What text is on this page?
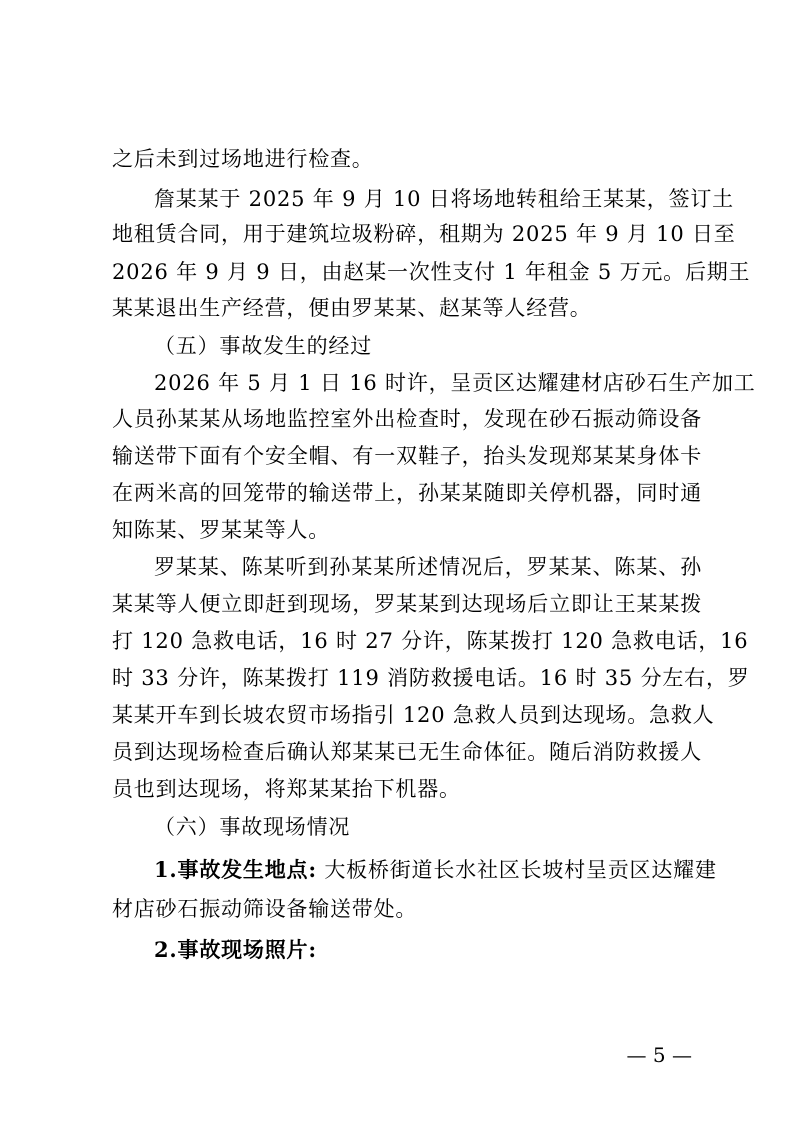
之后未到过场地进行检查。

詹某某于 2025 年 9 月 10 日将场地转租给王某某，签订土

地租赁合同，用于建筑垃圾粉碎，租期为 2025 年 9 月 10 日至

2026 年 9 月 9 日，由赵某一次性支付 1 年租金 5 万元。后期王

某某退出生产经营，便由罗某某、赵某等人经营。

（五）事故发生的经过

2026 年 5 月 1 日 16 时许，呈贡区达耀建材店砂石生产加工

人员孙某某从场地监控室外出检查时，发现在砂石振动筛设备

输送带下面有个安全帽、有一双鞋子，抬头发现郑某某身体卡

在两米高的回笼带的输送带上，孙某某随即关停机器，同时通

知陈某、罗某某等人。

罗某某、陈某听到孙某某所述情况后，罗某某、陈某、孙

某某等人便立即赶到现场，罗某某到达现场后立即让王某某拨

打 120 急救电话，16 时 27 分许，陈某拨打 120 急救电话，16

时 33 分许，陈某拨打 119 消防救援电话。16 时 35 分左右，罗

某某开车到长坡农贸市场指引 120 急救人员到达现场。急救人

员到达现场检查后确认郑某某已无生命体征。随后消防救援人

员也到达现场，将郑某某抬下机器。

（六）事故现场情况

1.事故发生地点: 大板桥街道长水社区长坡村呈贡区达耀建

材店砂石振动筛设备输送带处。

2.事故现场照片:

— 5 —
